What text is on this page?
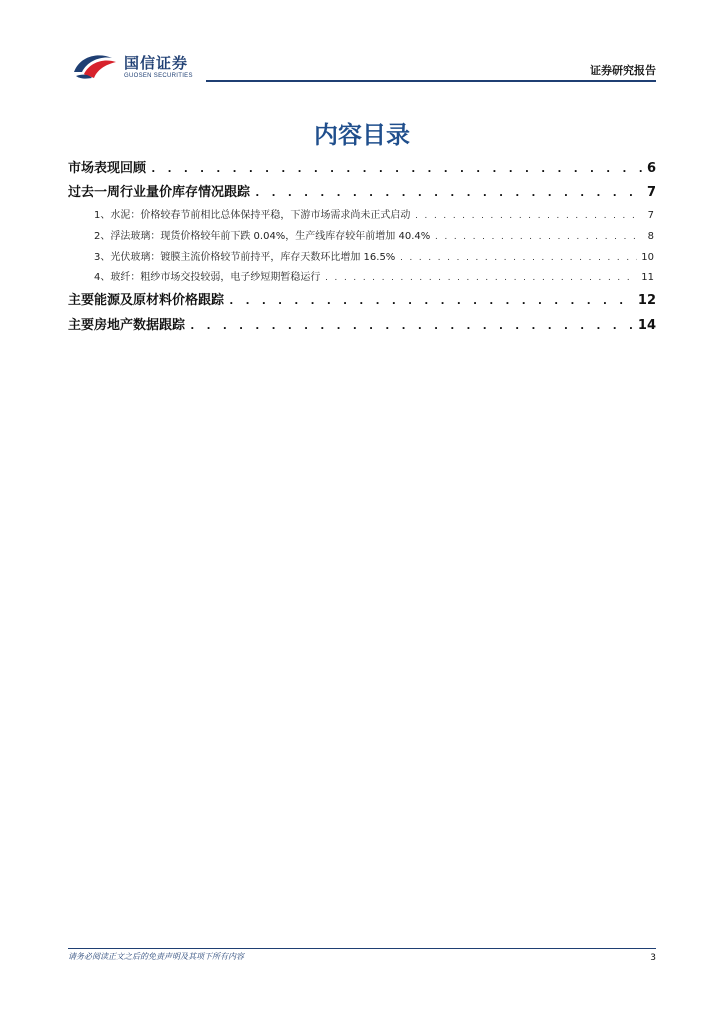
国信证券
GUOSEN SECURITIES	证券研究报告
内容目录
市场表现回顾 . . .	6
过去一周行业量价库存情况跟踪 . . .	7
1、水泥：价格较春节前相比总体保持平稳，下游市场需求尚未正式启动 . . .	7
2、浮法玻璃：现货价格较年前下跌 0.04%，生产线库存较年前增加 40.4% . . .	8
3、光伏玻璃：镀膜主流价格较节前持平，库存天数环比增加 16.5% . . .	10
4、玻纤：粗纱市场交投较弱，电子纱短期暂稳运行 . . .	11
主要能源及原材料价格跟踪 . . .	12
主要房地产数据跟踪 . . .	14
请务必阅读正文之后的免责声明及其项下所有内容	3
